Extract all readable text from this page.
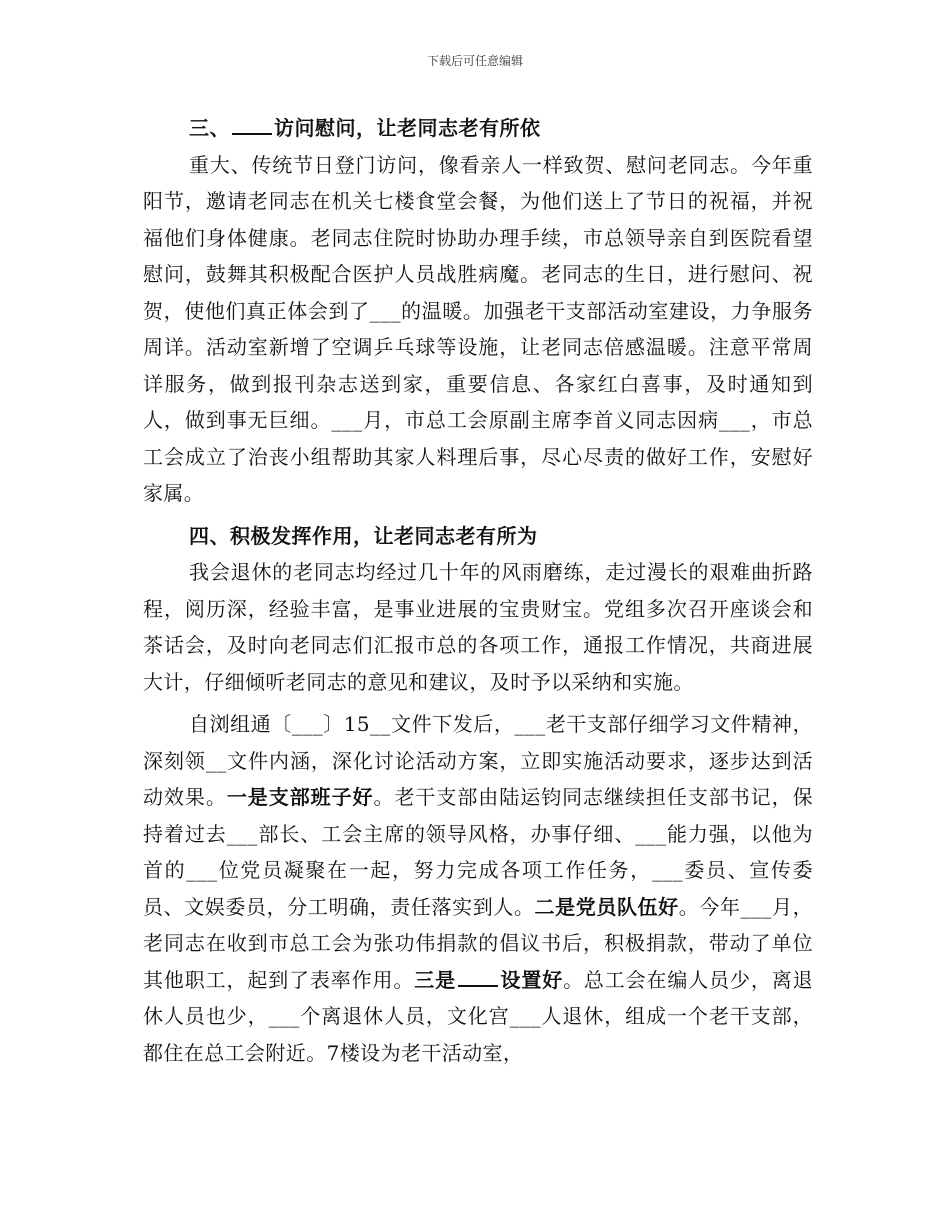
下载后可任意编辑

三、 访问慰问，让老同志老有所依

重大、传统节日登门访问，像看亲人一样致贺、慰问老同志。今年重阳节，邀请老同志在机关七楼食堂会餐，为他们送上了节日的祝福，并祝福他们身体健康。老同志住院时协助办理手续，市总领导亲自到医院看望慰问，鼓舞其积极配合医护人员战胜病魔。老同志的生日，进行慰问、祝贺，使他们真正体会到了___的温暖。加强老干支部活动室建设，力争服务周详。活动室新增了空调乒乓球等设施，让老同志倍感温暖。注意平常周详服务，做到报刊杂志送到家，重要信息、各家红白喜事，及时通知到人，做到事无巨细。___月，市总工会原副主席李首义同志因病___，市总工会成立了治丧小组帮助其家人料理后事，尽心尽责的做好工作，安慰好家属。

四、积极发挥作用，让老同志老有所为

我会退休的老同志均经过几十年的风雨磨练，走过漫长的艰难曲折路程，阅历深，经验丰富，是事业进展的宝贵财宝。党组多次召开座谈会和茶话会，及时向老同志们汇报市总的各项工作，通报工作情况，共商进展大计，仔细倾听老同志的意见和建议，及时予以采纳和实施。

自浏组通〔___〕15__文件下发后，___老干支部仔细学习文件精神，深刻领__文件内涵，深化讨论活动方案，立即实施活动要求，逐步达到活动效果。一是支部班子好。老干支部由陆运钧同志继续担任支部书记，保持着过去___部长、工会主席的领导风格，办事仔细、___能力强，以他为首的___位党员凝聚在一起，努力完成各项工作任务，___委员、宣传委员、文娱委员，分工明确，责任落实到人。二是党员队伍好。今年___月，老同志在收到市总工会为张功伟捐款的倡议书后，积极捐款，带动了单位其他职工，起到了表率作用。三是 设置好。总工会在编人员少，离退休人员也少，___个离退休人员，文化宫___人退休，组成一个老干支部，都住在总工会附近。7楼设为老干活动室，
